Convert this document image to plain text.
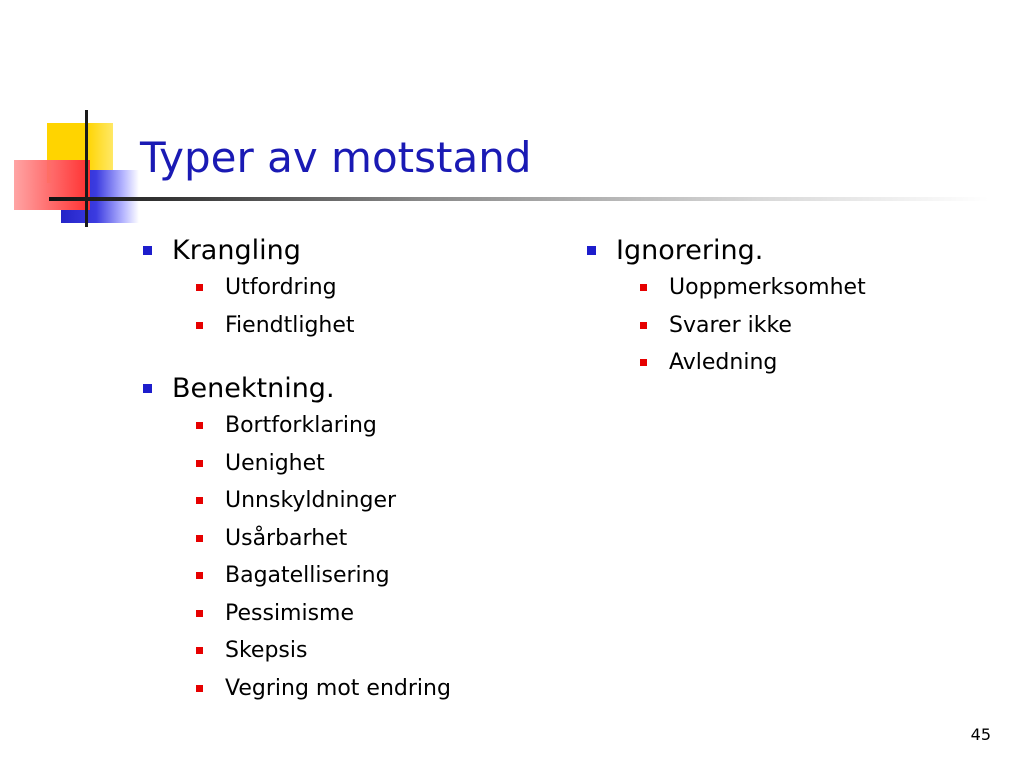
Typer av motstand
Krangling
Utfordring
Fiendtlighet
Benektning.
Bortforklaring
Uenighet
Unnskyldninger
Usårbarhet
Bagatellisering
Pessimisme
Skepsis
Vegring mot endring
Ignorering.
Uoppmerksomhet
Svarer ikke
Avledning
45
